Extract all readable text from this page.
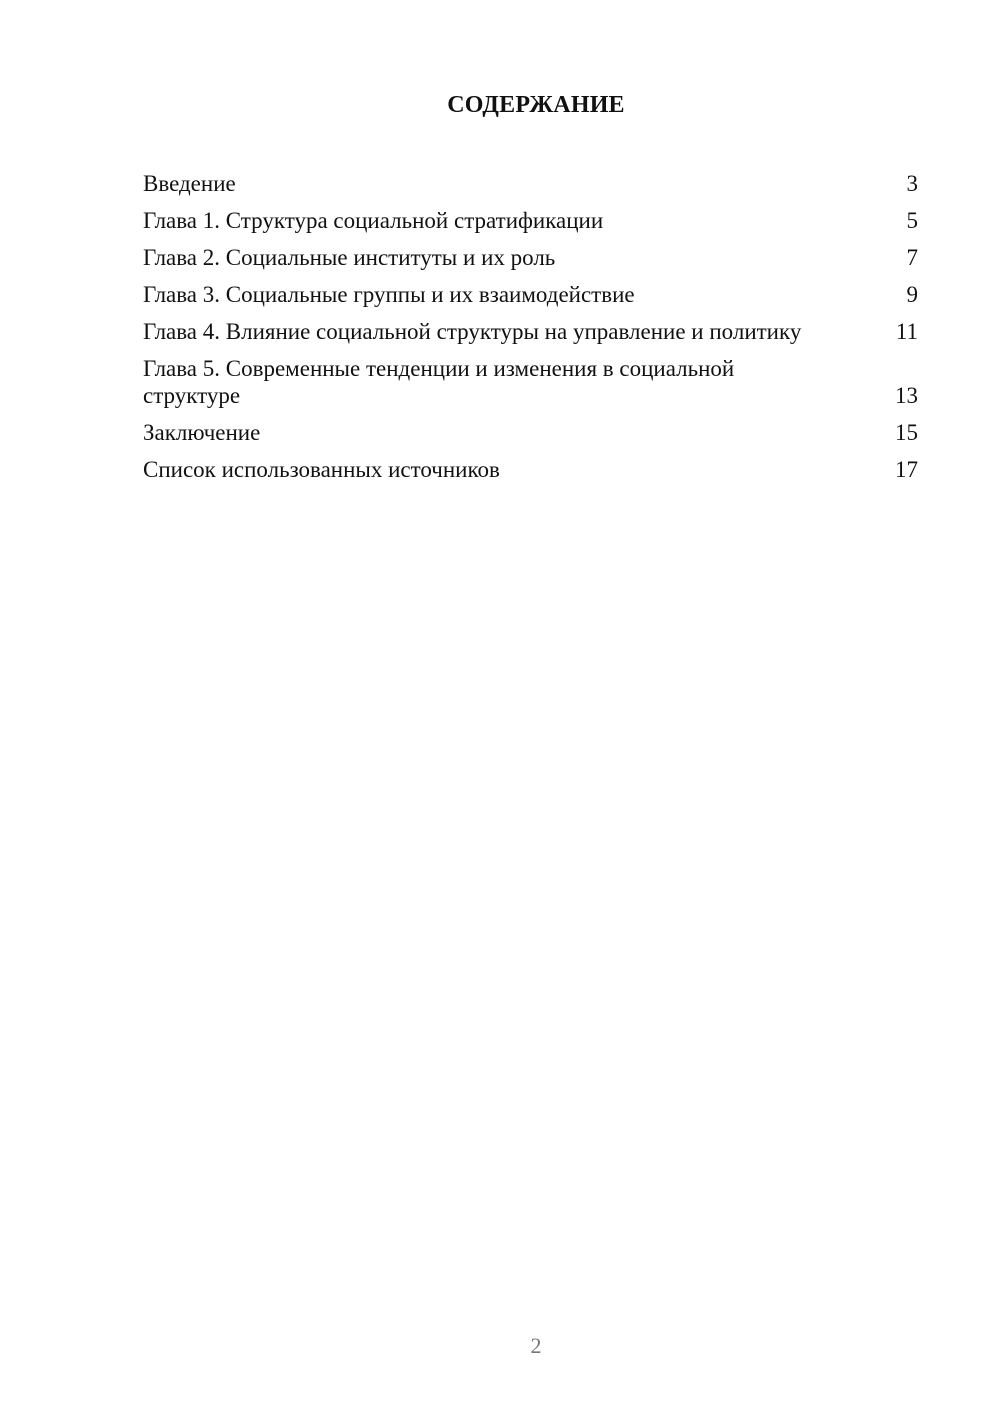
СОДЕРЖАНИЕ
Введение	3
Глава 1. Структура социальной стратификации	5
Глава 2. Социальные институты и их роль	7
Глава 3. Социальные группы и их взаимодействие	9
Глава 4. Влияние социальной структуры на управление и политику	11
Глава 5. Современные тенденции и изменения в социальной структуре	13
Заключение	15
Список использованных источников	17
2
